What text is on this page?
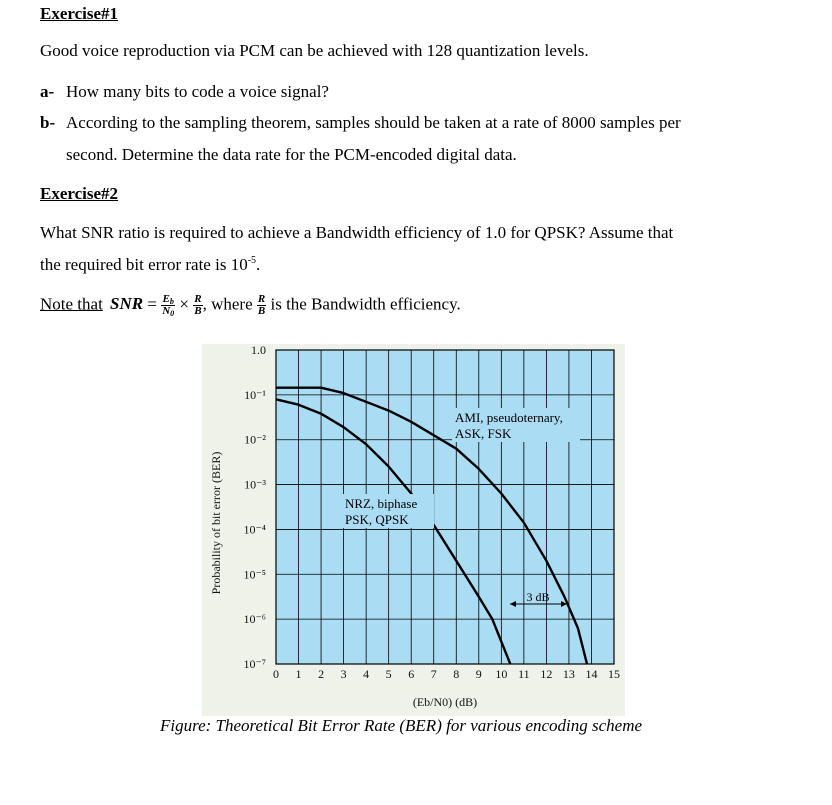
Exercise#1
Good voice reproduction via PCM can be achieved with 128 quantization levels.
a- How many bits to code a voice signal?
b- According to the sampling theorem, samples should be taken at a rate of 8000 samples per
second. Determine the data rate for the PCM-encoded digital data.
Exercise#2
What SNR ratio is required to achieve a Bandwidth efficiency of 1.0 for QPSK? Assume that
the required bit error rate is $10^{-5}$.
Note that SNR = $\frac{E_b}{N_0} \times \frac{R}{B}$ , where $\frac{R}{B}$ is the Bandwidth efficiency.
0 1 2 3 4 5 6 7 8 9 10 11 12 13 14 15
1.0
10⁻¹
10⁻²
10⁻³
10⁻⁴
10⁻⁵
10⁻⁶
10⁻⁷
(Eb/N0) (dB)
Probability of bit error (BER)
AMI, pseudoternary,
ASK, FSK
NRZ, biphase
PSK, QPSK
3 dB
Figure: Theoretical Bit Error Rate (BER) for various encoding scheme
